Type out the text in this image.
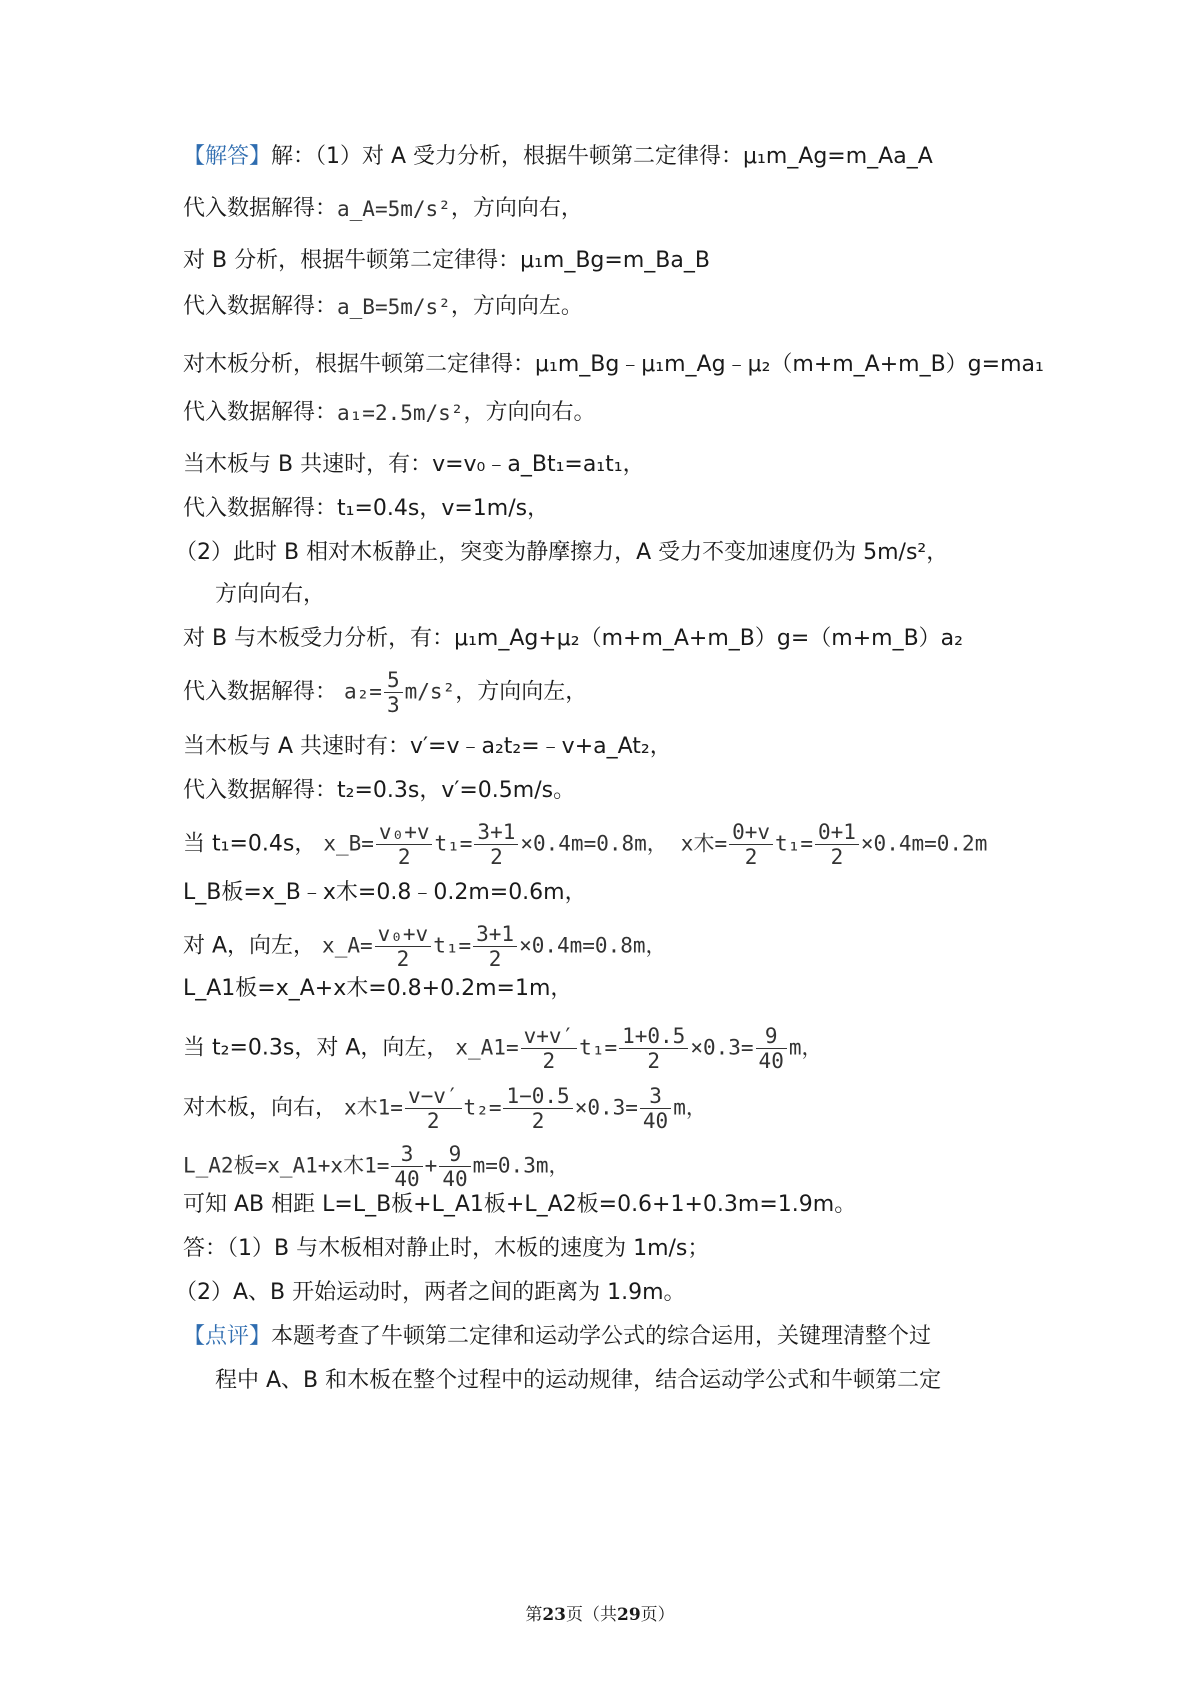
【解答】解：（1）对 A 受力分析，根据牛顿第二定律得：μ₁m_Ag=m_Aa_A
代入数据解得：a_A=5m/s²，方向向右，
对 B 分析，根据牛顿第二定律得：μ₁m_Bg=m_Ba_B
代入数据解得：a_B=5m/s²，方向向左。
对木板分析，根据牛顿第二定律得：μ₁m_Bg﹣μ₁m_Ag﹣μ₂（m+m_A+m_B）g=ma₁
代入数据解得：a₁=2.5m/s²，方向向右。
当木板与 B 共速时，有：v=v₀﹣a_Bt₁=a₁t₁，
代入数据解得：t₁=0.4s，v=1m/s，
（2）此时 B 相对木板静止，突变为静摩擦力，A 受力不变加速度仍为 5m/s²，
方向向右，
对 B 与木板受力分析，有：μ₁m_Ag+μ₂（m+m_A+m_B）g=（m+m_B）a₂
代入数据解得： $a_2= \frac{5}{3} m/s^2$，方向向左，
当木板与 A 共速时有：v′=v﹣a₂t₂=﹣v+a_At₂，
代入数据解得：t₂=0.3s，v′=0.5m/s。
当 t₁=0.4s， x_B= $\frac{\text{v₀+v}}{2} t_1= \frac{3+1}{2} \times 0.4m=0.8m$， x木= $\frac{0+v}{2} t_1= \frac{0+1}{2} \times 0.4m=0.2m$
L_B板=x_B﹣x木=0.8﹣0.2m=0.6m，
对 A，向左， x_A= $\frac{\text{v₀+v}}{2} t_1= \frac{3+1}{2} \times 0.4m=0.8m$，
L_A1板=x_A+x木=0.8+0.2m=1m，
当 t₂=0.3s，对 A，向左， x_A1= $\frac{v+v'}{2} t_1= \frac{1+0.5}{2} \times 0.3= \frac{9}{40}$ m，
对木板，向右， x木$1= \frac{v-v'}{2} t_2= \frac{1-0.5}{2} \times 0.3= \frac{3}{40}$ m，
L_A2板=x_A1+x木$1= \frac{3}{40} + \frac{9}{40} m=0.3m$，
可知 AB 相距 L=L_B板+L_A1板+L_A2板=0.6+1+0.3m=1.9m。
答：（1）B 与木板相对静止时，木板的速度为 1m/s；
（2）A、B 开始运动时，两者之间的距离为 1.9m。
【点评】本题考查了牛顿第二定律和运动学公式的综合运用，关键理清整个过
程中 A、B 和木板在整个过程中的运动规律，结合运动学公式和牛顿第二定
第23页（共29页）
